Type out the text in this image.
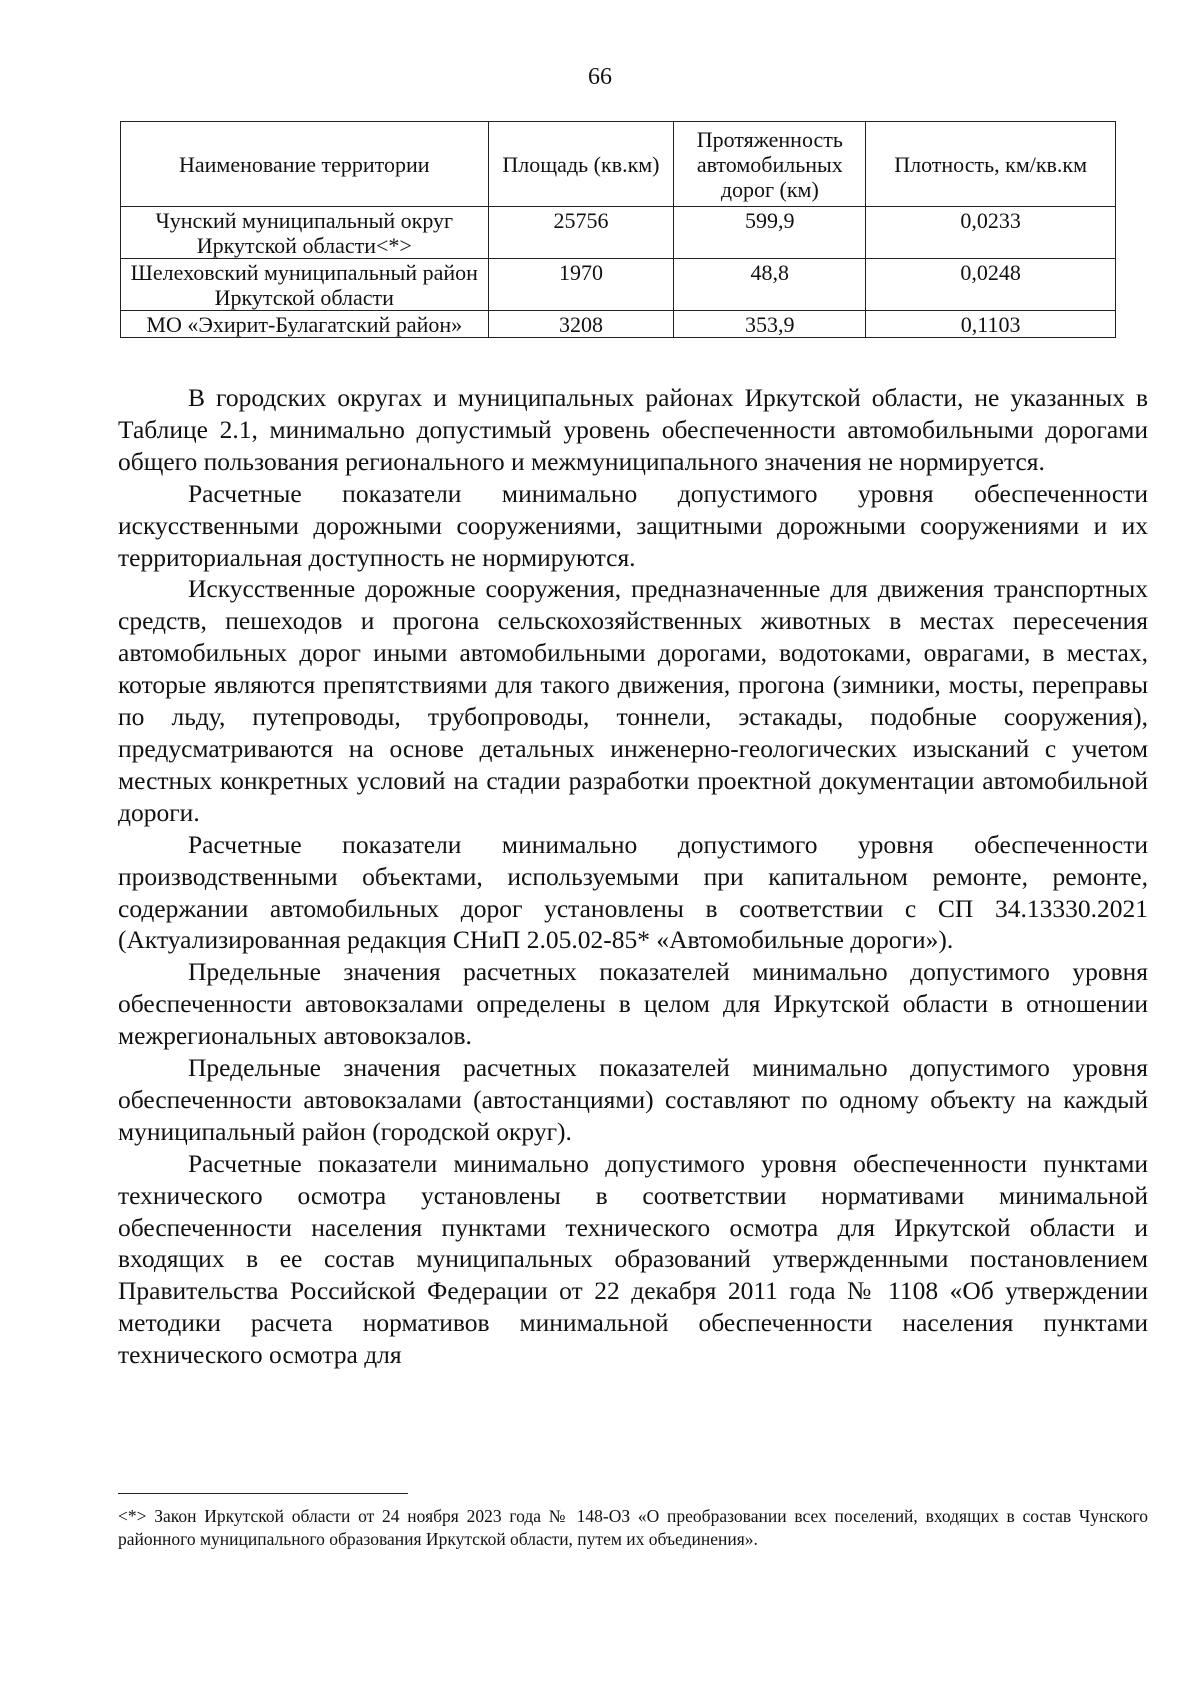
66
Наименование территории	Площадь (кв.км)	Протяженность автомобильных дорог (км)	Плотность, км/кв.км
Чунский муниципальный округ Иркутской области<*>	25756	599,9	0,0233
Шелеховский муниципальный район Иркутской области	1970	48,8	0,0248
МО «Эхирит-Булагатский район»	3208	353,9	0,1103

В городских округах и муниципальных районах Иркутской области, не указанных в Таблице 2.1, минимально допустимый уровень обеспеченности автомобильными дорогами общего пользования регионального и межмуниципального значения не нормируется.

Расчетные показатели минимально допустимого уровня обеспеченности искусственными дорожными сооружениями, защитными дорожными сооружениями и их территориальная доступность не нормируются.

Искусственные дорожные сооружения, предназначенные для движения транспортных средств, пешеходов и прогона сельскохозяйственных животных в местах пересечения автомобильных дорог иными автомобильными дорогами, водотоками, оврагами, в местах, которые являются препятствиями для такого движения, прогона (зимники, мосты, переправы по льду, путепроводы, трубопроводы, тоннели, эстакады, подобные сооружения), предусматриваются на основе детальных инженерно-геологических изысканий с учетом местных конкретных условий на стадии разработки проектной документации автомобильной дороги.

Расчетные показатели минимально допустимого уровня обеспеченности производственными объектами, используемыми при капитальном ремонте, ремонте, содержании автомобильных дорог установлены в соответствии с СП 34.13330.2021 (Актуализированная редакция СНиП 2.05.02-85* «Автомобильные дороги»).

Предельные значения расчетных показателей минимально допустимого уровня обеспеченности автовокзалами определены в целом для Иркутской области в отношении межрегиональных автовокзалов.

Предельные значения расчетных показателей минимально допустимого уровня обеспеченности автовокзалами (автостанциями) составляют по одному объекту на каждый муниципальный район (городской округ).

Расчетные показатели минимально допустимого уровня обеспеченности пунктами технического осмотра установлены в соответствии нормативами минимальной обеспеченности населения пунктами технического осмотра для Иркутской области и входящих в ее состав муниципальных образований утвержденными постановлением Правительства Российской Федерации от 22 декабря 2011 года № 1108 «Об утверждении методики расчета нормативов минимальной обеспеченности населения пунктами технического осмотра для

<*> Закон Иркутской области от 24 ноября 2023 года № 148-ОЗ «О преобразовании всех поселений, входящих в состав Чунского районного муниципального образования Иркутской области, путем их объединения».
